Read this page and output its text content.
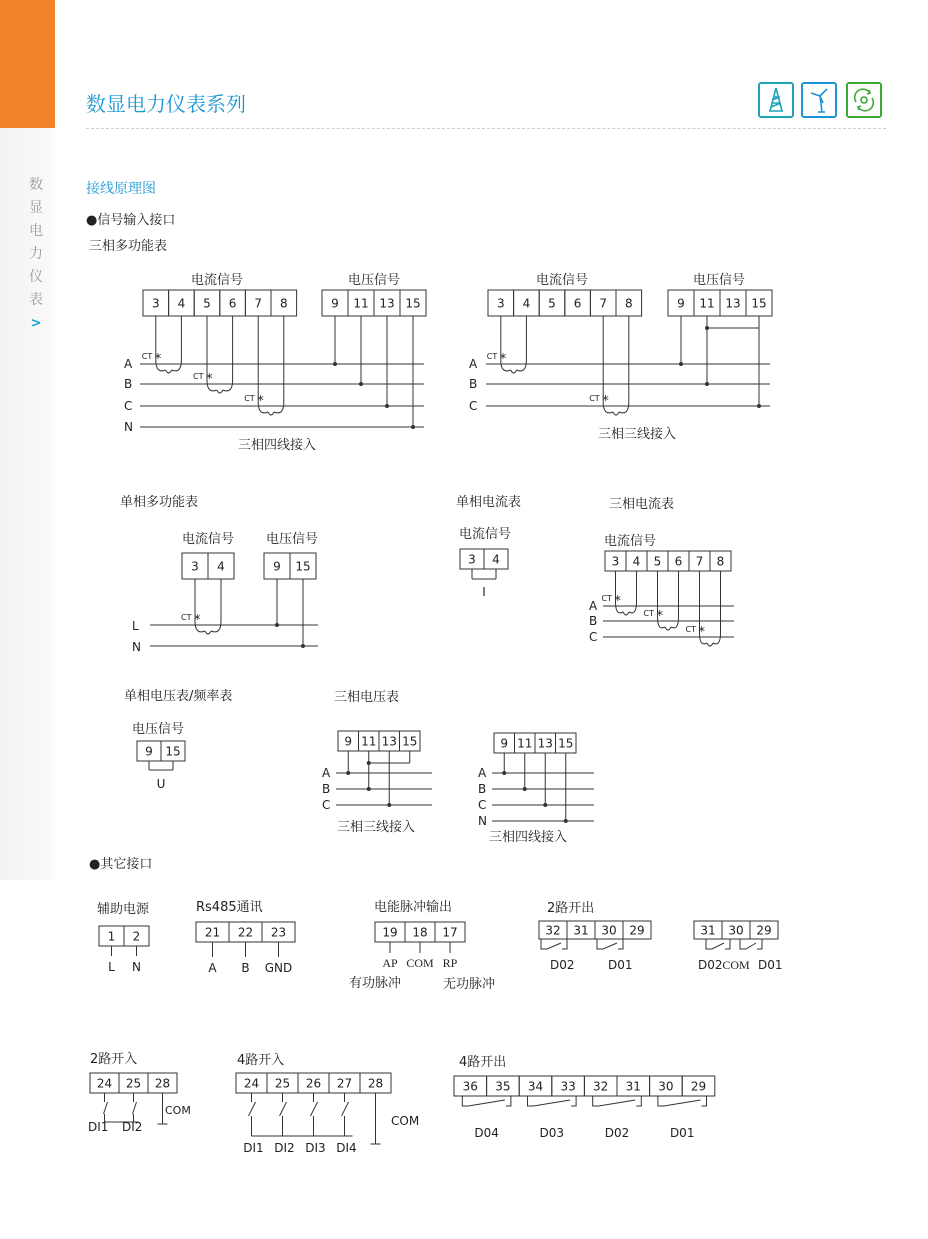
数
显
电
力
仪
表
>
数显电力仪表系列
接线原理图
●信号输入接口
三相多功能表
●其它接口
电流信号	电压信号
3 4 5 6 7 8	9 11 13 15
A
B
C
N
CT *
CT *
CT *
三相四线接入
电流信号	电压信号
3 4 5 6 7 8	9 11 13 15
A
B
C
CT *
CT *
三相三线接入
单相多功能表
电流信号 电压信号
3 4	9 15
L
N
CT *
单相电流表
电流信号
3 4
I
三相电流表
电流信号
3 4 5 6 7 8
A
B
C
CT *
CT *
CT *
单相电压表/频率表
电压信号
9 15
U
三相电压表
9 11 13 15
A
B
C
三相三线接入
9 11 13 15
A
B
C
N
三相四线接入
辅助电源
1 2
L N
Rs485通讯
21 22 23
A B GND
电能脉冲输出
19 18 17
AP COM RP
有功脉冲	无功脉冲
2路开出
32 31 30 29
D02	D01
31 30 29
D02 COM D01
2路开入
24 25 28
COM
DI1 DI2
4路开入
24 25 26 27 28
COM
DI1 DI2 DI3 DI4
4路开出
36 35 34 33 32 31 30 29
D04	D03	D02	D01
